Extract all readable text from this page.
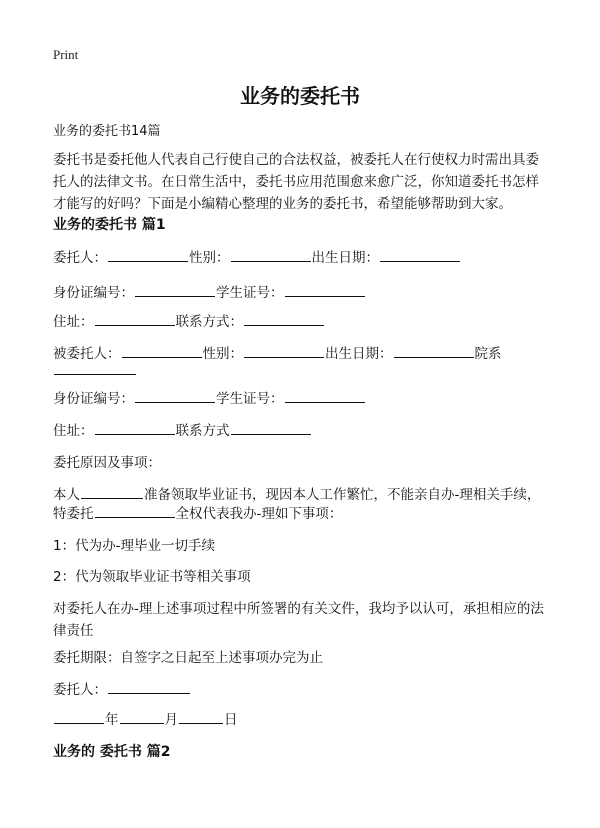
Print
业务的委托书
业务的委托书14篇
委托书是委托他人代表自己行使自己的合法权益，被委托人在行使权力时需出具委托人的法律文书。在日常生活中，委托书应用范围愈来愈广泛，你知道委托书怎样才能写的好吗？下面是小编精心整理的业务的委托书，希望能够帮助到大家。
业务的委托书 篇1
委托人：	性别：	出生日期：
身份证编号：	学生证号：
住址：	联系方式：
被委托人：	性别：	出生日期：	院系
身份证编号：	学生证号：
住址：	联系方式
委托原因及事项：
本人	准备领取毕业证书，现因本人工作繁忙，不能亲自办-理相关手续，
特委托	全权代表我办-理如下事项：
1：代为办-理毕业一切手续
2：代为领取毕业证书等相关事项
对委托人在办-理上述事项过程中所签署的有关文件，我均予以认可，承担相应的法律责任
委托期限：自签字之日起至上述事项办完为止
委托人：
年	月	日
业务的 委托书 篇2
